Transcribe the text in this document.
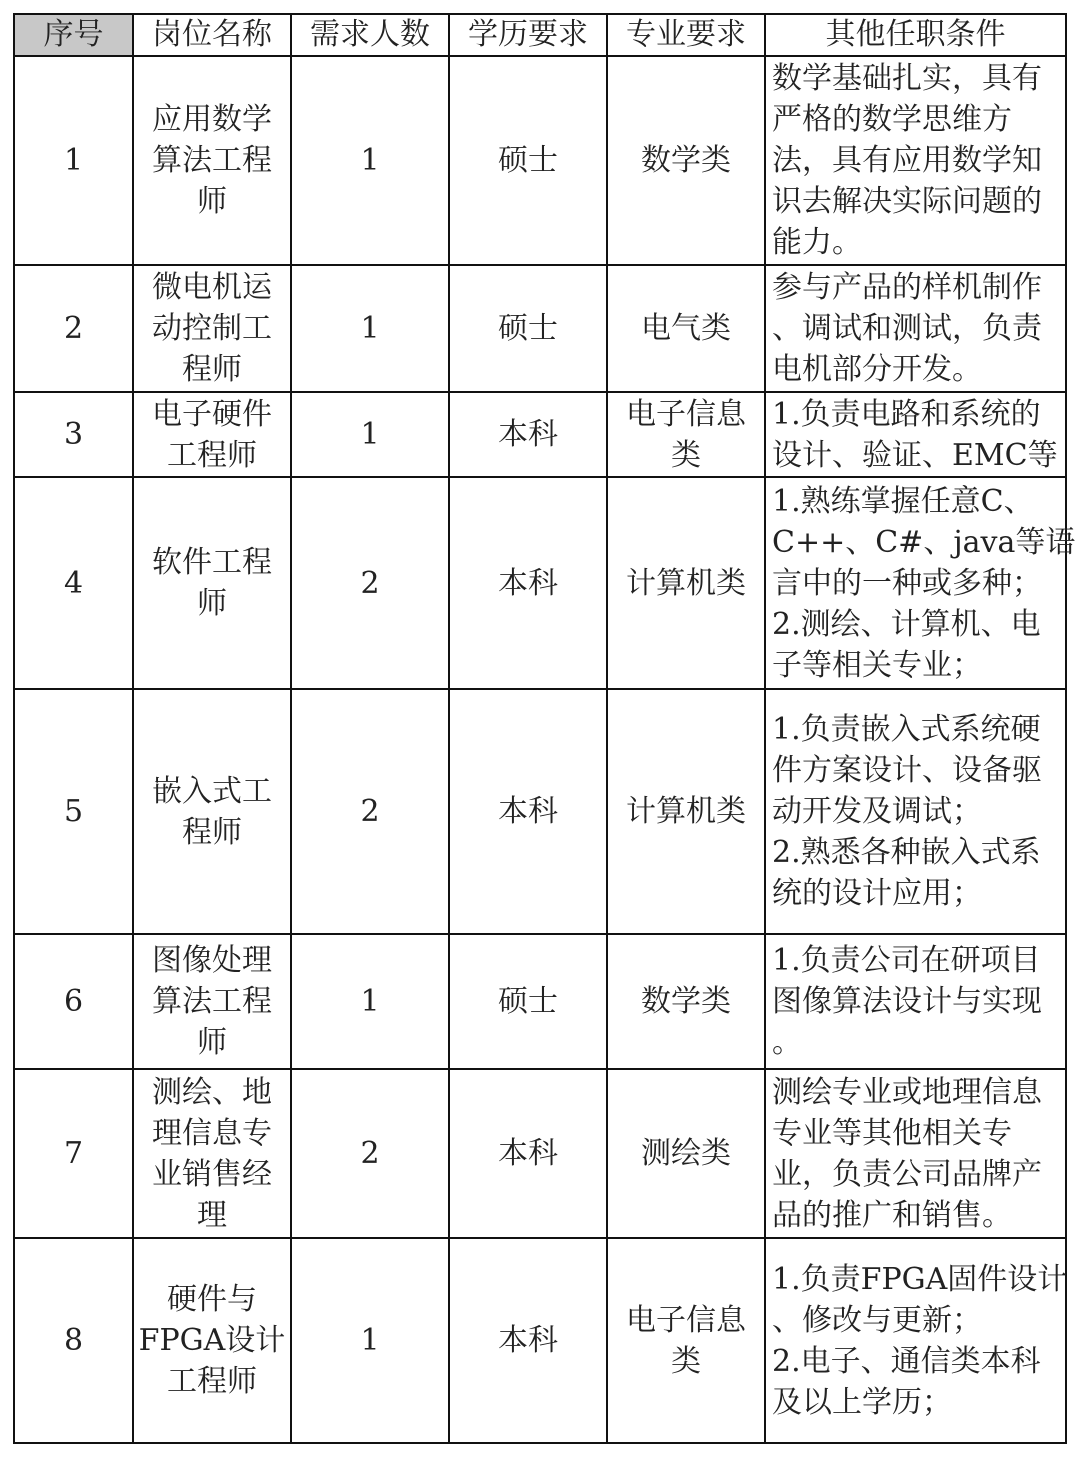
序号	岗位名称	需求人数	学历要求	专业要求	其他任职条件
1	应用数学
算法工程
师	1	硕士	数学类	数学基础扎实，具有
严格的数学思维方
法，具有应用数学知
识去解决实际问题的
能力。

2	微电机运
动控制工
程师	1	硕士	电气类	参与产品的样机制作
、调试和测试，负责
电机部分开发。

3	电子硬件
工程师	1	本科	电子信息
类	1.负责电路和系统的
设计、验证、EMC等

4	软件工程
师	2	本科	计算机类	1.熟练掌握任意C、
C++、C#、java等语
言中的一种或多种；
2.测绘、计算机、电
子等相关专业；

5	嵌入式工
程师	2	本科	计算机类	1.负责嵌入式系统硬
件方案设计、设备驱
动开发及调试；
2.熟悉各种嵌入式系
统的设计应用；

6	图像处理
算法工程
师	1	硕士	数学类	1.负责公司在研项目
图像算法设计与实现
。

7	测绘、地
理信息专
业销售经
理	2	本科	测绘类	测绘专业或地理信息
专业等其他相关专
业，负责公司品牌产
品的推广和销售。

8	硬件与
FPGA设计
工程师	1	本科	电子信息
类	1.负责FPGA固件设计
、修改与更新；
2.电子、通信类本科
及以上学历；
